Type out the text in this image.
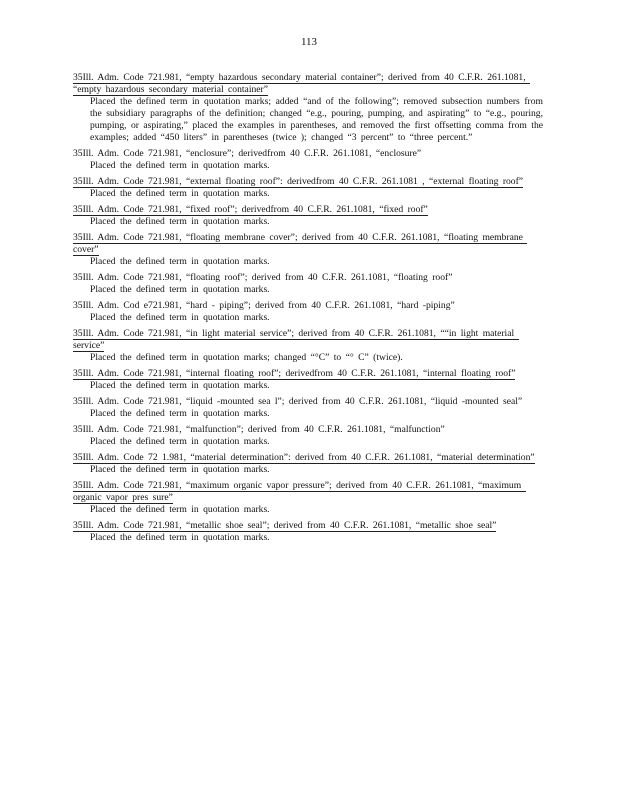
113
35Ill. Adm. Code 721.981, “empty hazardous secondary material container”; derived from 40 C.F.R. 261.1081, “empty hazardous secondary material container”
Placed the defined term in quotation marks; added “and of the following”; removed subsection numbers from the subsidiary paragraphs of the definition; changed “e.g., pouring, pumping, and aspirating” to “e.g., pouring, pumping, or aspirating,” placed the examples in parentheses, and removed the first offsetting comma from the examples; added “450 liters” in parentheses (twice ); changed “3 percent” to “three percent.”
35Ill. Adm. Code 721.981, “enclosure”; derivedfrom 40 C.F.R. 261.1081, “enclosure”
Placed the defined term in quotation marks.
35Ill. Adm. Code 721.981, “external floating roof”: derivedfrom 40 C.F.R. 261.1081 , “external floating roof”
Placed the defined term in quotation marks.
35Ill. Adm. Code 721.981, “fixed roof”; derivedfrom 40 C.F.R. 261.1081, “fixed roof”
Placed the defined term in quotation marks.
35Ill. Adm. Code 721.981, “floating membrane cover”; derived from 40 C.F.R. 261.1081, “floating membrane cover”
Placed the defined term in quotation marks.
35Ill. Adm. Code 721.981, “floating roof”; derived from 40 C.F.R. 261.1081, “floating roof”
Placed the defined term in quotation marks.
35Ill. Adm. Cod e721.981, “hard - piping”; derived from 40 C.F.R. 261.1081, “hard -piping”
Placed the defined term in quotation marks.
35Ill. Adm. Code 721.981, “in light material service”; derived from 40 C.F.R. 261.1081, ““in light material service”
Placed the defined term in quotation marks; changed “°C” to “° C” (twice).
35Ill. Adm. Code 721.981, “internal floating roof”; derivedfrom 40 C.F.R. 261.1081, “internal floating roof”
Placed the defined term in quotation marks.
35Ill. Adm. Code 721.981, “liquid -mounted sea l”; derived from 40 C.F.R. 261.1081, “liquid -mounted seal”
Placed the defined term in quotation marks.
35Ill. Adm. Code 721.981, “malfunction”; derived from 40 C.F.R. 261.1081, “malfunction”
Placed the defined term in quotation marks.
35Ill. Adm. Code 72 1.981, “material determination”: derived from 40 C.F.R. 261.1081, “material determination”
Placed the defined term in quotation marks.
35Ill. Adm. Code 721.981, “maximum organic vapor pressure”; derived from 40 C.F.R. 261.1081, “maximum organic vapor pres sure”
Placed the defined term in quotation marks.
35Ill. Adm. Code 721.981, “metallic shoe seal”; derived from 40 C.F.R. 261.1081, “metallic shoe seal”
Placed the defined term in quotation marks.
